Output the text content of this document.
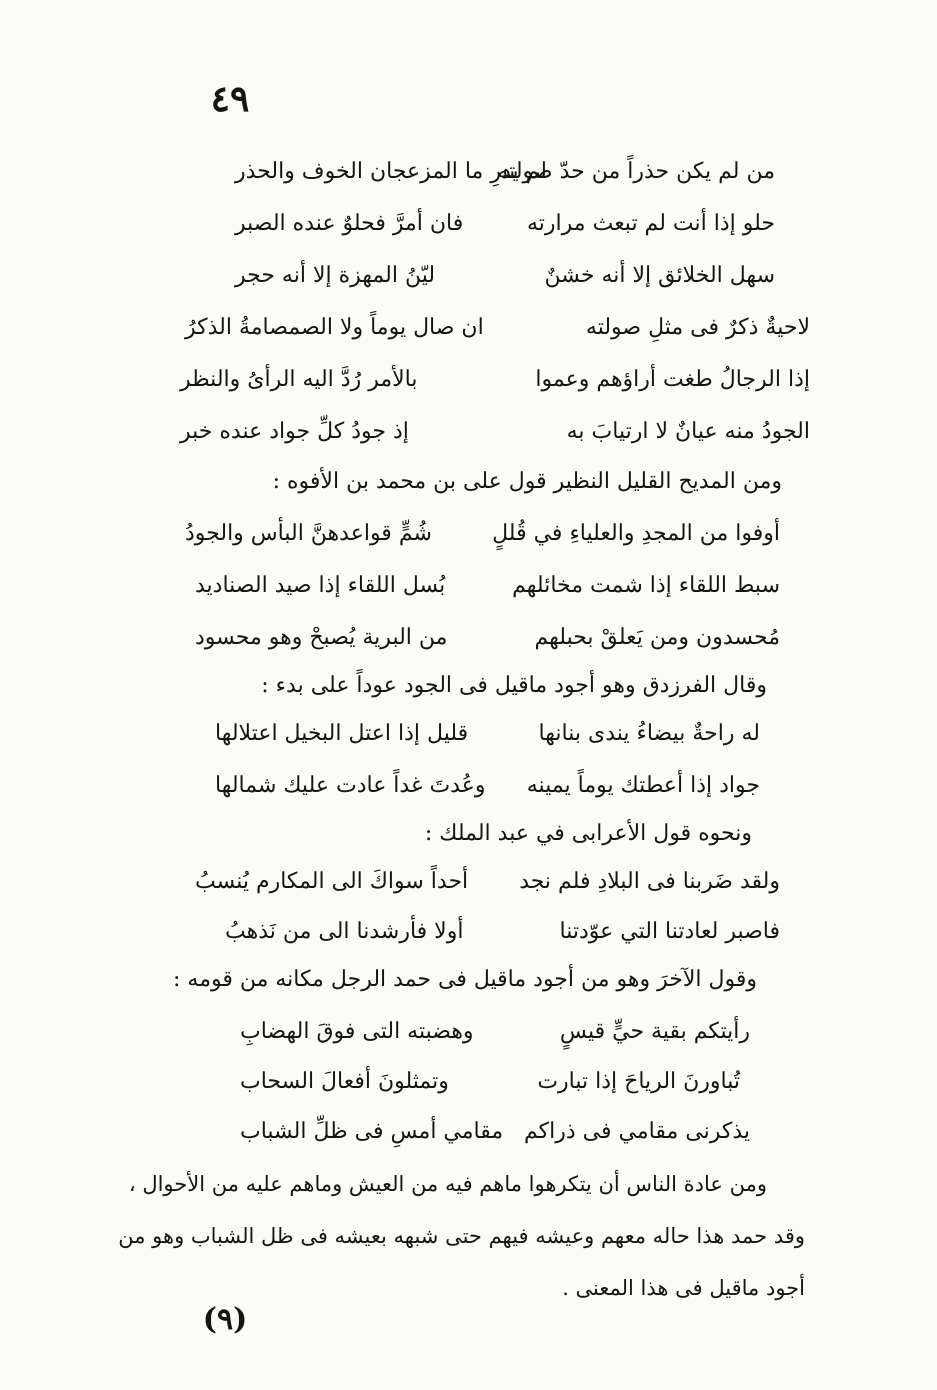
٤٩
من لم يكن حذراً من حدّ صولته
لم يدرِ ما المزعجان الخوف والحذر
حلو إذا أنت لم تبعث مرارته
فان أمرَّ فحلوٌ عنده الصبر
سهل الخلائق إلا أنه خشنٌ
ليّنُ المهزة إلا أنه حجر
لاحيةٌ ذكرٌ فى مثلِ صولته
ان صال يوماً ولا الصمصامةُ الذكرُ
إذا الرجالُ طغت أراؤهم وعموا
بالأمر رُدَّ اليه الرأىُ والنظر
الجودُ منه عيانٌ لا ارتيابَ به
إذ جودُ كلِّ جواد عنده خبر
ومن المديح القليل النظير قول على بن محمد بن الأفوه :
أوفوا من المجدِ والعلياءِ في قُللٍ
شُمٍّ قواعدهنَّ البأس والجودُ
سبط اللقاء إذا شمت مخائلهم
بُسل اللقاء إذا صيد الصناديد
مُحسدون ومن يَعلقْ بحبلهم
من البرية يُصبحْ وهو محسود
وقال الفرزدق وهو أجود ماقيل فى الجود عوداً على بدء :
له راحةٌ بيضاءُ يندى بنانها
قليل إذا اعتل البخيل اعتلالها
جواد إذا أعطتك يوماً يمينه
وعُدتَ غداً عادت عليك شمالها
ونحوه قول الأعرابى في عبد الملك :
ولقد ضَربنا فى البلادِ فلم نجد
أحداً سواكَ الى المكارم يُنسبُ
فاصبر لعادتنا التي عوّدتنا
أولا فأرشدنا الى من نَذهبُ
وقول الآخرَ وهو من أجود ماقيل فى حمد الرجل مكانه من قومه :
رأيتكم بقية حيٍّ قيسٍ
وهضبته التى فوقَ الهضابِ
تُباورنَ الرياحَ إذا تبارت
وتمثلونَ أفعالَ السحاب
يذكرنى مقامي فى ذراكم
مقامي أمسِ فى ظلِّ الشباب
ومن عادة الناس أن يتكرهوا ماهم فيه من العيش وماهم عليه من الأحوال ،
وقد حمد هذا حاله معهم وعيشه فيهم حتى شبهه بعيشه فى ظل الشباب وهو من
أجود ماقيل فى هذا المعنى .
(٩)
